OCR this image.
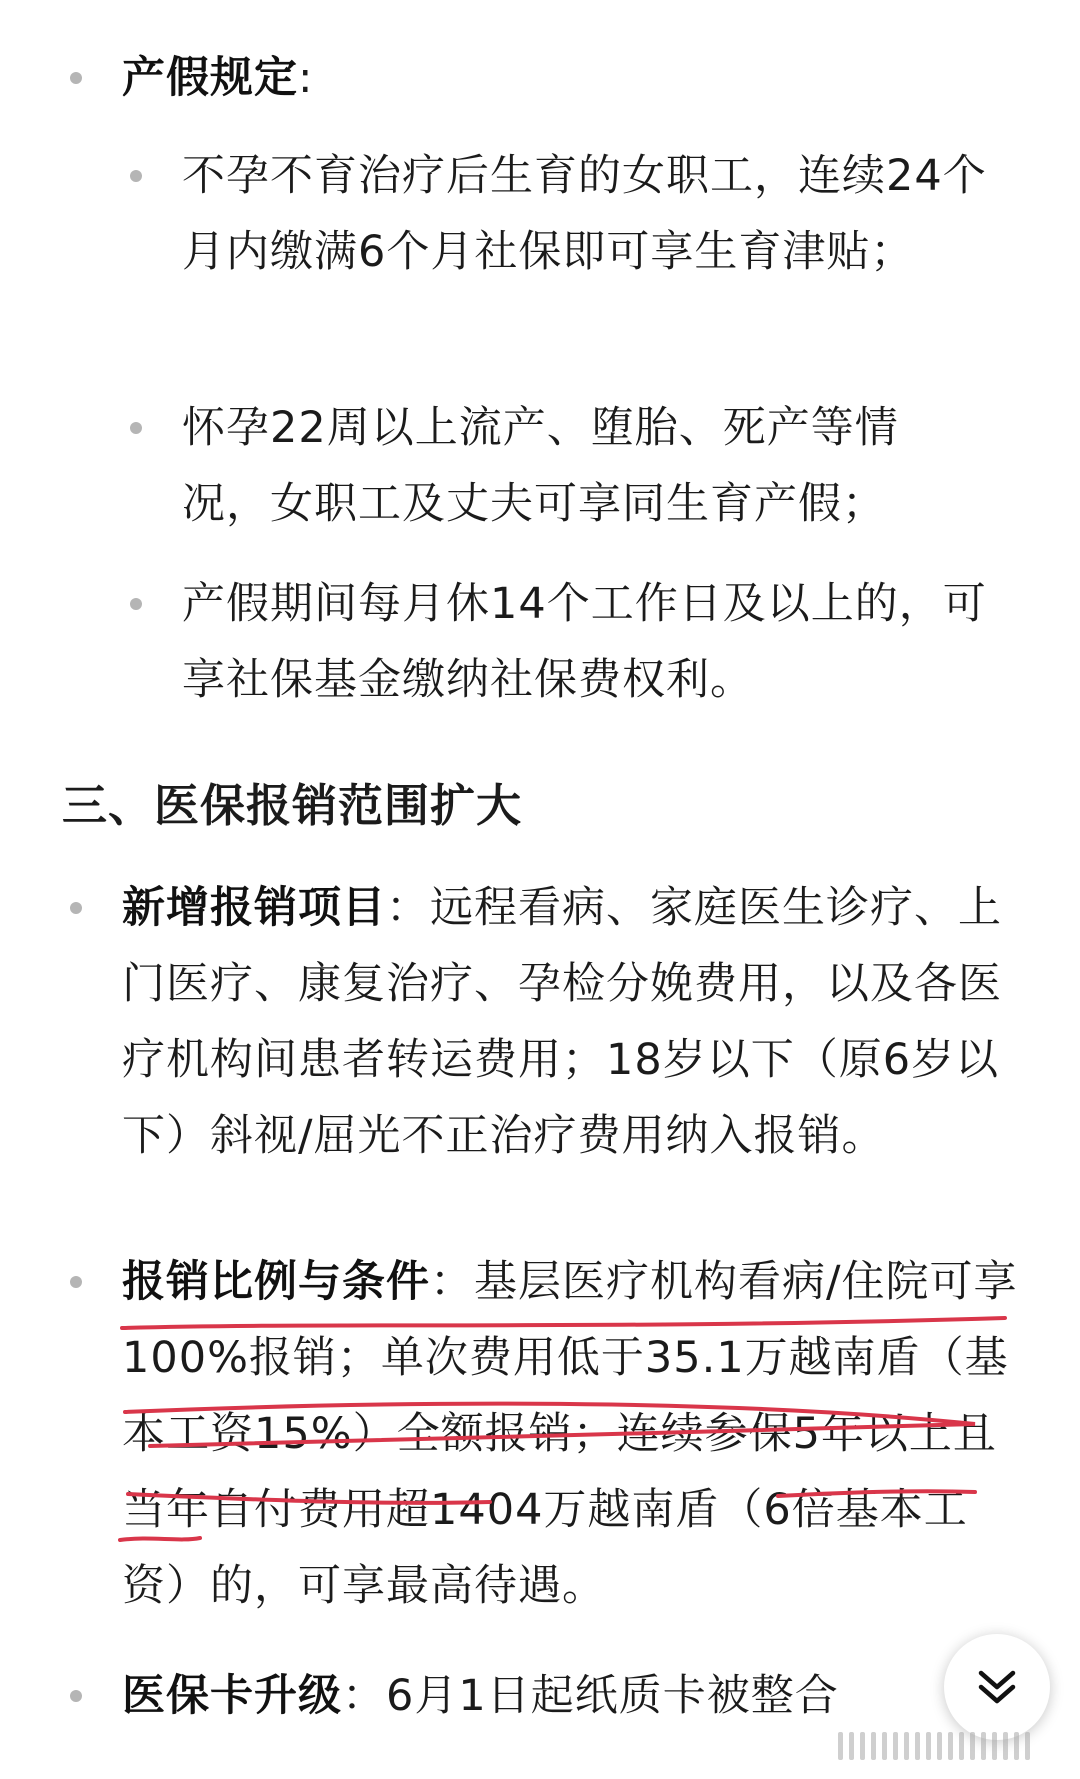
产假规定:

不孕不育治疗后生育的女职工，连续24个月内缴满6个月社保即可享生育津贴；

怀孕22周以上流产、堕胎、死产等情况，女职工及丈夫可享同生育产假；

产假期间每月休14个工作日及以上的，可享社保基金缴纳社保费权利。

三、医保报销范围扩大

新增报销项目：远程看病、家庭医生诊疗、上门医疗、康复治疗、孕检分娩费用，以及各医疗机构间患者转运费用；18岁以下（原6岁以下）斜视/屈光不正治疗费用纳入报销。

报销比例与条件：基层医疗机构看病/住院可享100%报销；单次费用低于35.1万越南盾（基本工资15%）全额报销；连续参保5年以上且当年自付费用超1404万越南盾（6倍基本工资）的，可享最高待遇。

医保卡升级：6月1日起纸质卡被整合
